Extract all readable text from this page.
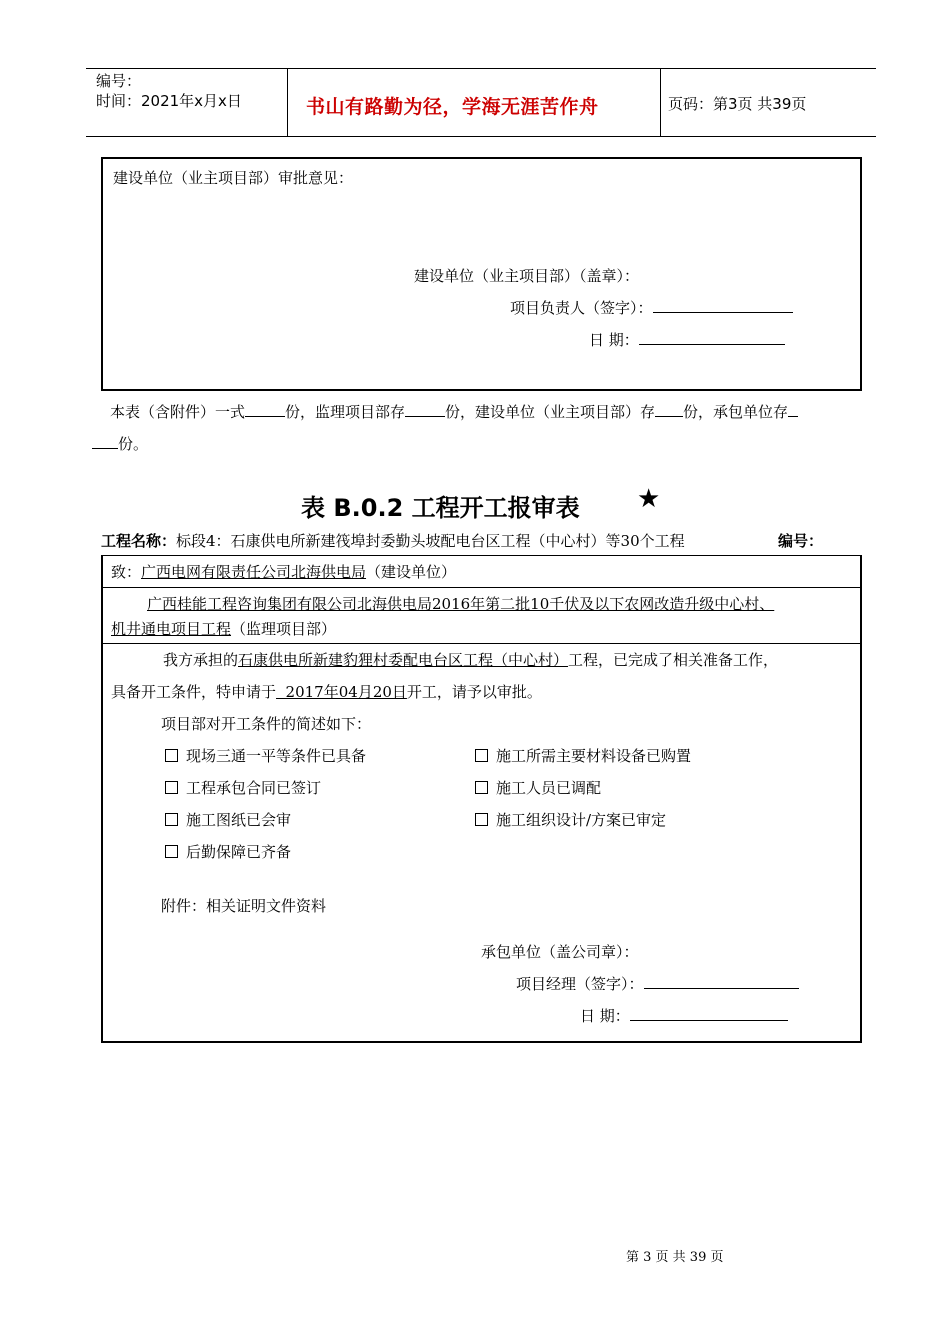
编号：
时间：2021年x月x日	书山有路勤为径，学海无涯苦作舟	页码：第3页 共39页
建设单位（业主项目部）审批意见：
建设单位（业主项目部）（盖章）：
项目负责人（签字）：
日 期：
本表（含附件）一式	份，监理项目部存	份，建设单位（业主项目部）存 份，承包单位存
份。
表 B.0.2 工程开工报审表 ★
工程名称：标段4：石康供电所新建筏埠封委勤头坡配电台区工程（中心村）等30个工程	编号：
致：广西电网有限责任公司北海供电局（建设单位）
广西桂能工程咨询集团有限公司北海供电局2016年第二批10千伏及以下农网改造升级中心村、
机井通电项目工程（监理项目部）
我方承担的石康供电所新建豹狸村委配电台区工程（中心村）工程，已完成了相关准备工作，
具备开工条件，特申请于  2017年04月20日开工，请予以审批。
项目部对开工条件的简述如下：
现场三通一平等条件已具备
工程承包合同已签订
施工图纸已会审
后勤保障已齐备
施工所需主要材料设备已购置
施工人员已调配
施工组织设计/方案已审定
附件：相关证明文件资料
承包单位（盖公司章）：
项目经理（签字）：
日 期：
第 3 页 共 39 页
